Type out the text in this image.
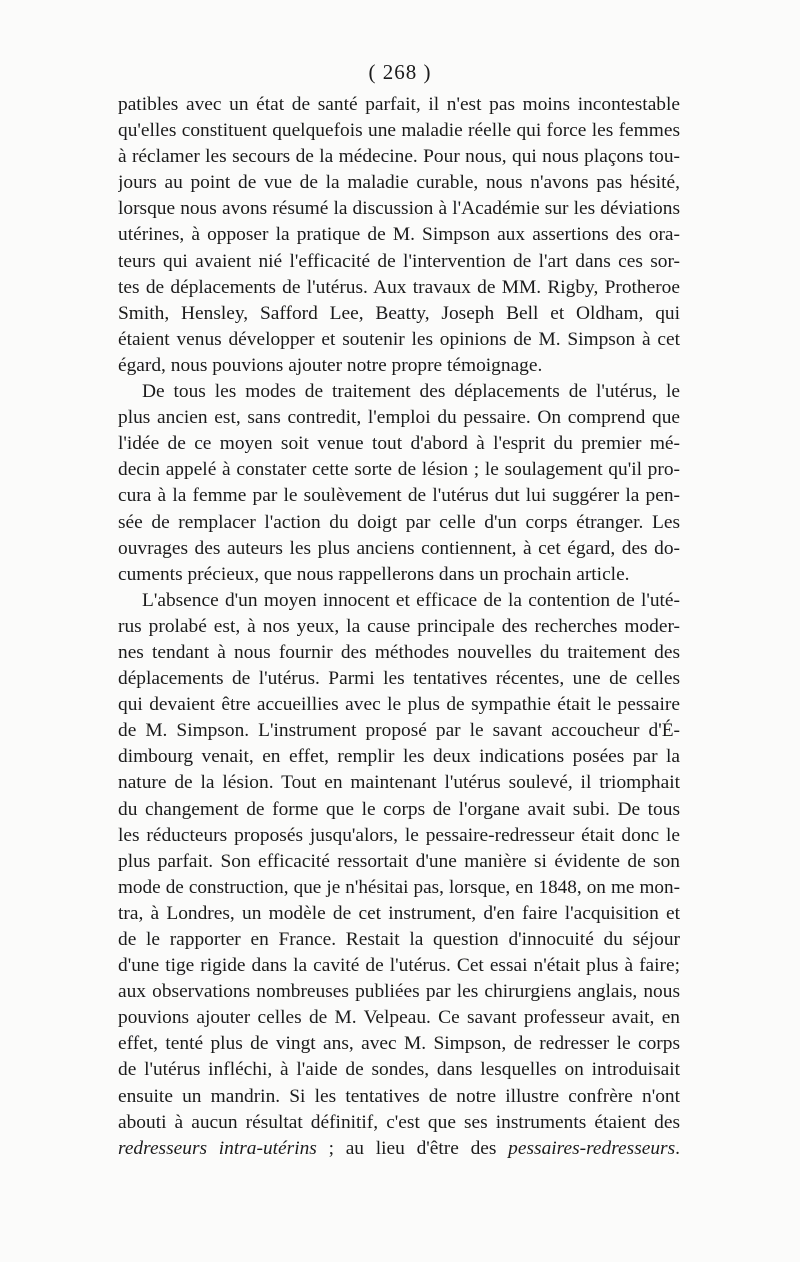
( 268 )
patibles avec un état de santé parfait, il n'est pas moins incontestable
qu'elles constituent quelquefois une maladie réelle qui force les femmes
à réclamer les secours de la médecine. Pour nous, qui nous plaçons tou-
jours au point de vue de la maladie curable, nous n'avons pas hésité,
lorsque nous avons résumé la discussion à l'Académie sur les déviations
utérines, à opposer la pratique de M. Simpson aux assertions des ora-
teurs qui avaient nié l'efficacité de l'intervention de l'art dans ces sor-
tes de déplacements de l'utérus. Aux travaux de MM. Rigby, Protheroe
Smith, Hensley, Safford Lee, Beatty, Joseph Bell et Oldham, qui
étaient venus développer et soutenir les opinions de M. Simpson à cet
égard, nous pouvions ajouter notre propre témoignage.
De tous les modes de traitement des déplacements de l'utérus, le
plus ancien est, sans contredit, l'emploi du pessaire. On comprend que
l'idée de ce moyen soit venue tout d'abord à l'esprit du premier mé-
decin appelé à constater cette sorte de lésion ; le soulagement qu'il pro-
cura à la femme par le soulèvement de l'utérus dut lui suggérer la pen-
sée de remplacer l'action du doigt par celle d'un corps étranger. Les
ouvrages des auteurs les plus anciens contiennent, à cet égard, des do-
cuments précieux, que nous rappellerons dans un prochain article.
L'absence d'un moyen innocent et efficace de la contention de l'uté-
rus prolabé est, à nos yeux, la cause principale des recherches moder-
nes tendant à nous fournir des méthodes nouvelles du traitement des
déplacements de l'utérus. Parmi les tentatives récentes, une de celles
qui devaient être accueillies avec le plus de sympathie était le pessaire
de M. Simpson. L'instrument proposé par le savant accoucheur d'É-
dimbourg venait, en effet, remplir les deux indications posées par la
nature de la lésion. Tout en maintenant l'utérus soulevé, il triomphait
du changement de forme que le corps de l'organe avait subi. De tous
les réducteurs proposés jusqu'alors, le pessaire-redresseur était donc le
plus parfait. Son efficacité ressortait d'une manière si évidente de son
mode de construction, que je n'hésitai pas, lorsque, en 1848, on me mon-
tra, à Londres, un modèle de cet instrument, d'en faire l'acquisition et
de le rapporter en France. Restait la question d'innocuité du séjour
d'une tige rigide dans la cavité de l'utérus. Cet essai n'était plus à faire;
aux observations nombreuses publiées par les chirurgiens anglais, nous
pouvions ajouter celles de M. Velpeau. Ce savant professeur avait, en
effet, tenté plus de vingt ans, avec M. Simpson, de redresser le corps
de l'utérus infléchi, à l'aide de sondes, dans lesquelles on introduisait
ensuite un mandrin. Si les tentatives de notre illustre confrère n'ont
abouti à aucun résultat définitif, c'est que ses instruments étaient des
redresseurs intra-utérins ; au lieu d'être des pessaires-redresseurs.
